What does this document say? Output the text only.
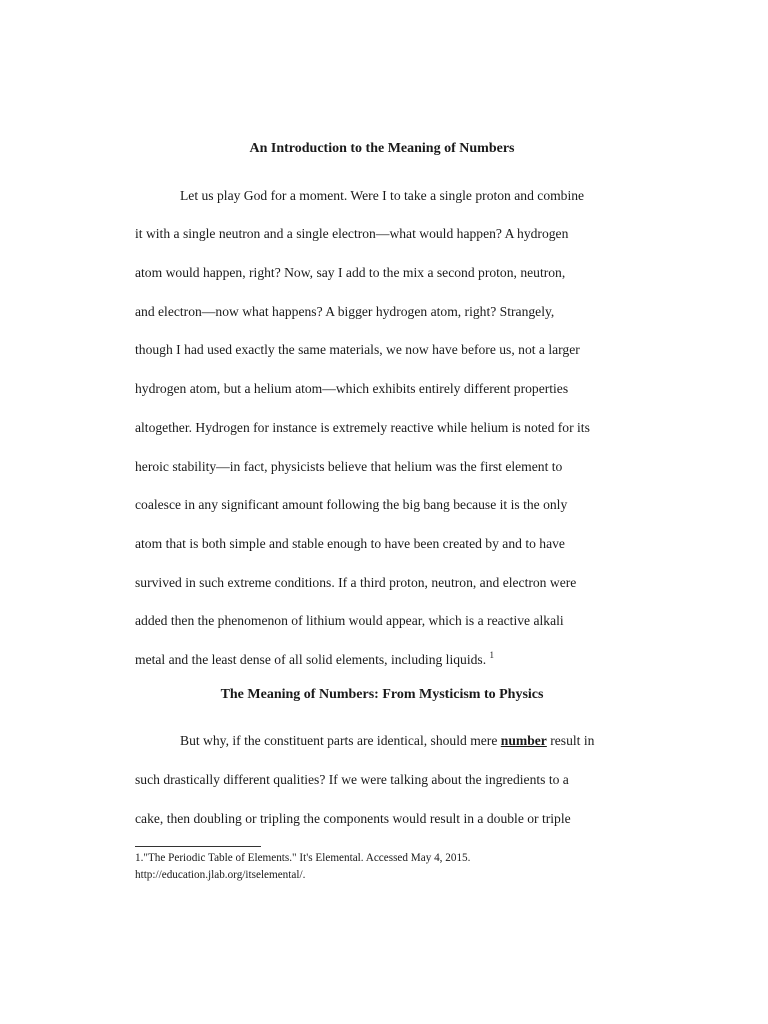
An Introduction to the Meaning of Numbers
Let us play God for a moment. Were I to take a single proton and combine
it with a single neutron and a single electron—what would happen? A hydrogen
atom would happen, right? Now, say I add to the mix a second proton, neutron,
and electron—now what happens? A bigger hydrogen atom, right? Strangely,
though I had used exactly the same materials, we now have before us, not a larger
hydrogen atom, but a helium atom—which exhibits entirely different properties
altogether. Hydrogen for instance is extremely reactive while helium is noted for its
heroic stability—in fact, physicists believe that helium was the first element to
coalesce in any significant amount following the big bang because it is the only
atom that is both simple and stable enough to have been created by and to have
survived in such extreme conditions. If a third proton, neutron, and electron were
added then the phenomenon of lithium would appear, which is a reactive alkali
metal and the least dense of all solid elements, including liquids. $^1$
The Meaning of Numbers: From Mysticism to Physics
But why, if the constituent parts are identical, should mere number result in
such drastically different qualities? If we were talking about the ingredients to a
cake, then doubling or tripling the components would result in a double or triple
1."The Periodic Table of Elements." It's Elemental. Accessed May 4, 2015.
http://education.jlab.org/itselemental/.
